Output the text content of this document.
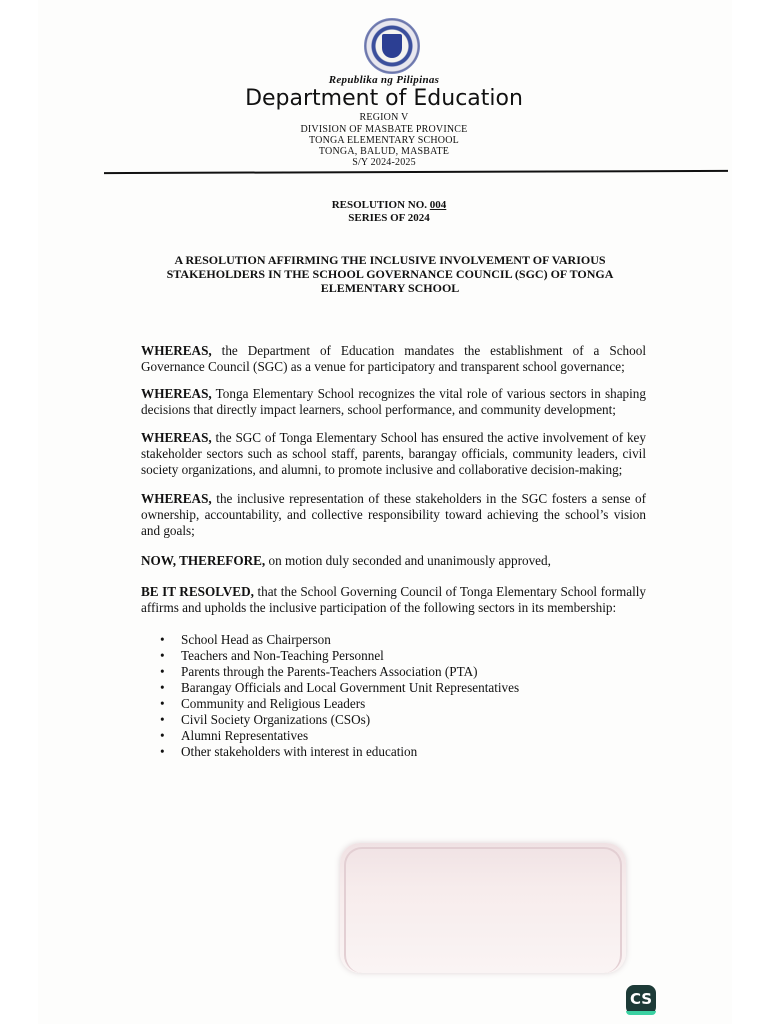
Republika ng Pilipinas
Department of Education
REGION V
DIVISION OF MASBATE PROVINCE
TONGA ELEMENTARY SCHOOL
TONGA, BALUD, MASBATE
S/Y 2024-2025
RESOLUTION NO. 004
SERIES OF 2024
A RESOLUTION AFFIRMING THE INCLUSIVE INVOLVEMENT OF VARIOUS STAKEHOLDERS IN THE SCHOOL GOVERNANCE COUNCIL (SGC) OF TONGA ELEMENTARY SCHOOL
WHEREAS, the Department of Education mandates the establishment of a School Governance Council (SGC) as a venue for participatory and transparent school governance;
WHEREAS, Tonga Elementary School recognizes the vital role of various sectors in shaping decisions that directly impact learners, school performance, and community development;
WHEREAS, the SGC of Tonga Elementary School has ensured the active involvement of key stakeholder sectors such as school staff, parents, barangay officials, community leaders, civil society organizations, and alumni, to promote inclusive and collaborative decision-making;
WHEREAS, the inclusive representation of these stakeholders in the SGC fosters a sense of ownership, accountability, and collective responsibility toward achieving the school’s vision and goals;
NOW, THEREFORE, on motion duly seconded and unanimously approved,
BE IT RESOLVED, that the School Governing Council of Tonga Elementary School formally affirms and upholds the inclusive participation of the following sectors in its membership:
• School Head as Chairperson
• Teachers and Non-Teaching Personnel
• Parents through the Parents-Teachers Association (PTA)
• Barangay Officials and Local Government Unit Representatives
• Community and Religious Leaders
• Civil Society Organizations (CSOs)
• Alumni Representatives
• Other stakeholders with interest in education
CS
